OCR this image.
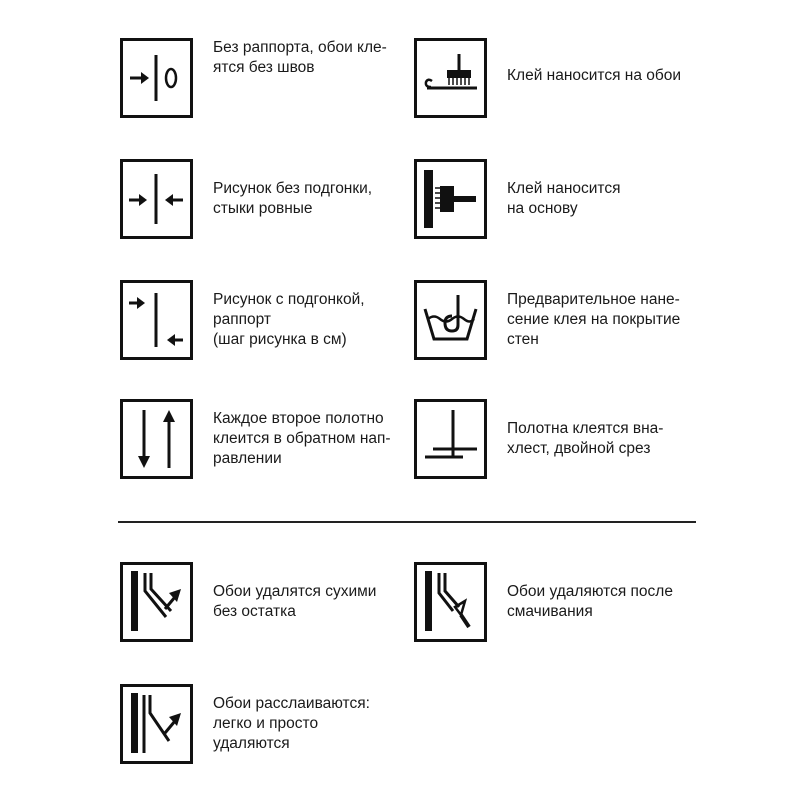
Без раппорта, обои кле-
ятся без швов	Клей наносится на обои
Рисунок без подгонки,
стыки ровные
Клей наносится
на основу
Рисунок с подгонкой,
раппорт
(шаг рисунка в см)
Предварительное нане-
сение клея на покрытие
стен
Каждое второе полотно
клеится в обратном нап-
равлении
Полотна клеятся вна-
хлест, двойной срез
Обои удалятся сухими
без остатка
Обои удаляются после
смачивания
Обои расслаиваются:
легко и просто
удаляются
